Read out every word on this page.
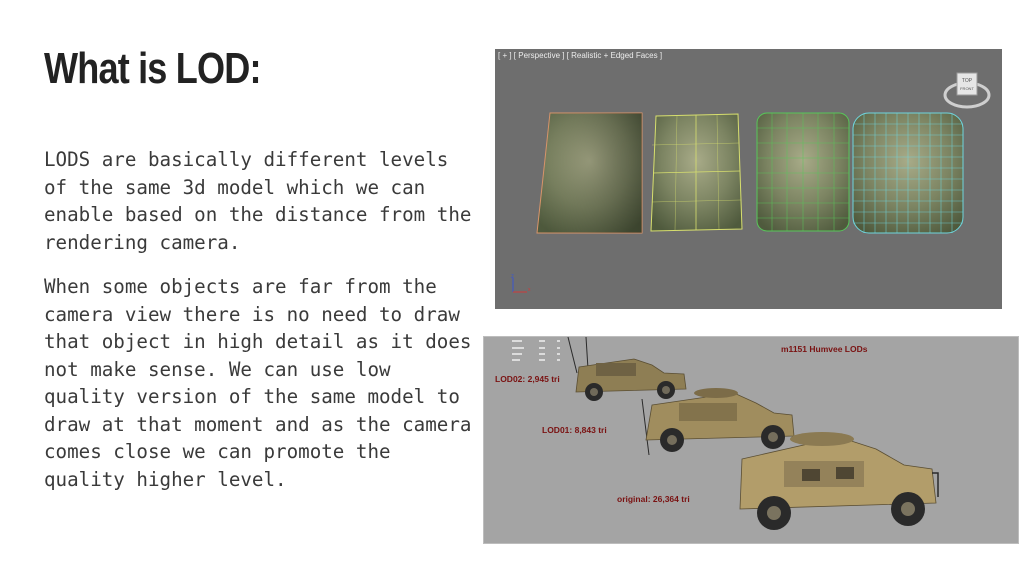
What is LOD:

LODS are basically different levels of the same 3d model which we can enable based on the distance from the rendering camera.

When some objects are far from the camera view there is no need to draw that object in high detail as it does not make sense. We can use low quality version of the same model to draw at that moment and as the camera comes close we can promote the quality higher level.

TOP
FRONT
z
x
[ + ] [ Perspective ] [ Realistic + Edged Faces ]
m1151 Humvee LODs
LOD02: 2,945 tri
LOD01: 8,843 tri
original: 26,364 tri
